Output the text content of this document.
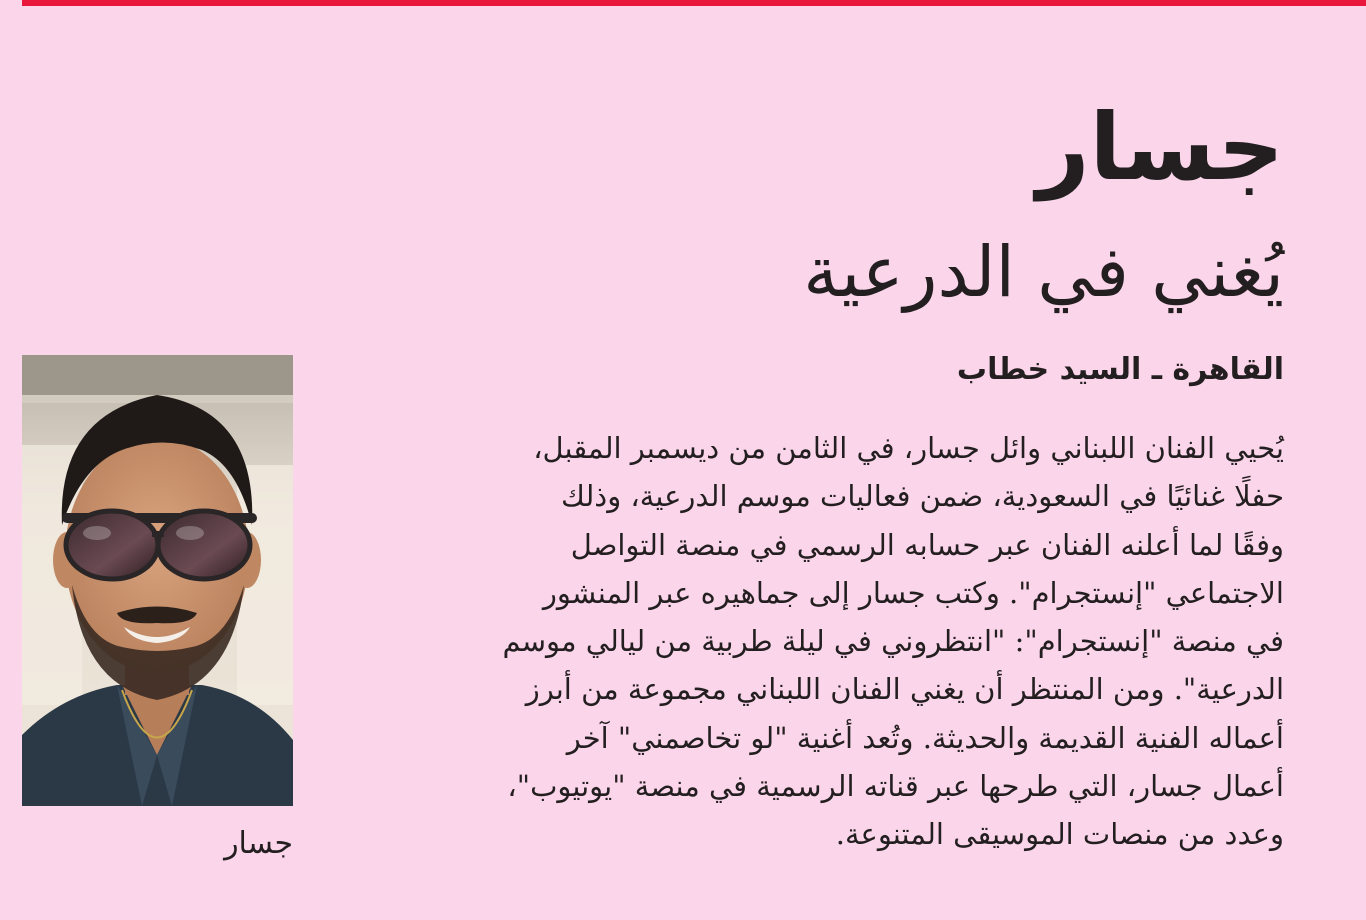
جسار
يُغني في الدرعية
القاهرة ـ السيد خطاب
يُحيي الفنان اللبناني وائل جسار، في الثامن من ديسمبر المقبل،
حفلًا غنائيًا في السعودية، ضمن فعاليات موسم الدرعية، وذلك
وفقًا لما أعلنه الفنان عبر حسابه الرسمي في منصة التواصل
الاجتماعي "إنستجرام". وكتب جسار إلى جماهيره عبر المنشور
في منصة "إنستجرام": "انتظروني في ليلة طربية من ليالي موسم
الدرعية". ومن المنتظر أن يغني الفنان اللبناني مجموعة من أبرز
أعماله الفنية القديمة والحديثة. وتُعد أغنية "لو تخاصمني" آخر
أعمال جسار، التي طرحها عبر قناته الرسمية في منصة "يوتيوب"،
وعدد من منصات الموسيقى المتنوعة.
جسار
